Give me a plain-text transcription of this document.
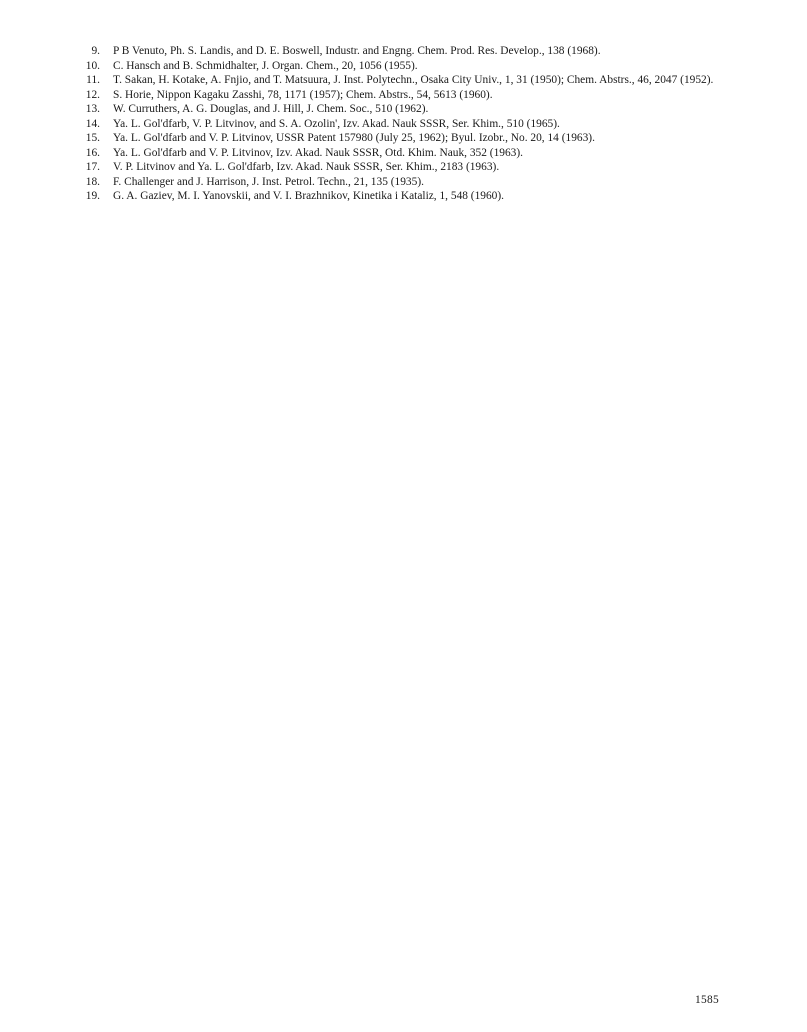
9.	P B Venuto, Ph. S. Landis, and D. E. Boswell, Industr. and Engng. Chem. Prod. Res. Develop., 138 (1968).
10.	C. Hansch and B. Schmidhalter, J. Organ. Chem., 20, 1056 (1955).
11.	T. Sakan, H. Kotake, A. Fnjio, and T. Matsuura, J. Inst. Polytechn., Osaka City Univ., 1, 31 (1950); Chem. Abstrs., 46, 2047 (1952).
12.	S. Horie, Nippon Kagaku Zasshi, 78, 1171 (1957); Chem. Abstrs., 54, 5613 (1960).
13.	W. Curruthers, A. G. Douglas, and J. Hill, J. Chem. Soc., 510 (1962).
14.	Ya. L. Gol'dfarb, V. P. Litvinov, and S. A. Ozolin', Izv. Akad. Nauk SSSR, Ser. Khim., 510 (1965).
15.	Ya. L. Gol'dfarb and V. P. Litvinov, USSR Patent 157980 (July 25, 1962); Byul. Izobr., No. 20, 14 (1963).
16.	Ya. L. Gol'dfarb and V. P. Litvinov, Izv. Akad. Nauk SSSR, Otd. Khim. Nauk, 352 (1963).
17.	V. P. Litvinov and Ya. L. Gol'dfarb, Izv. Akad. Nauk SSSR, Ser. Khim., 2183 (1963).
18.	F. Challenger and J. Harrison, J. Inst. Petrol. Techn., 21, 135 (1935).
19.	G. A. Gaziev, M. I. Yanovskii, and V. I. Brazhnikov, Kinetika i Kataliz, 1, 548 (1960).
1585
